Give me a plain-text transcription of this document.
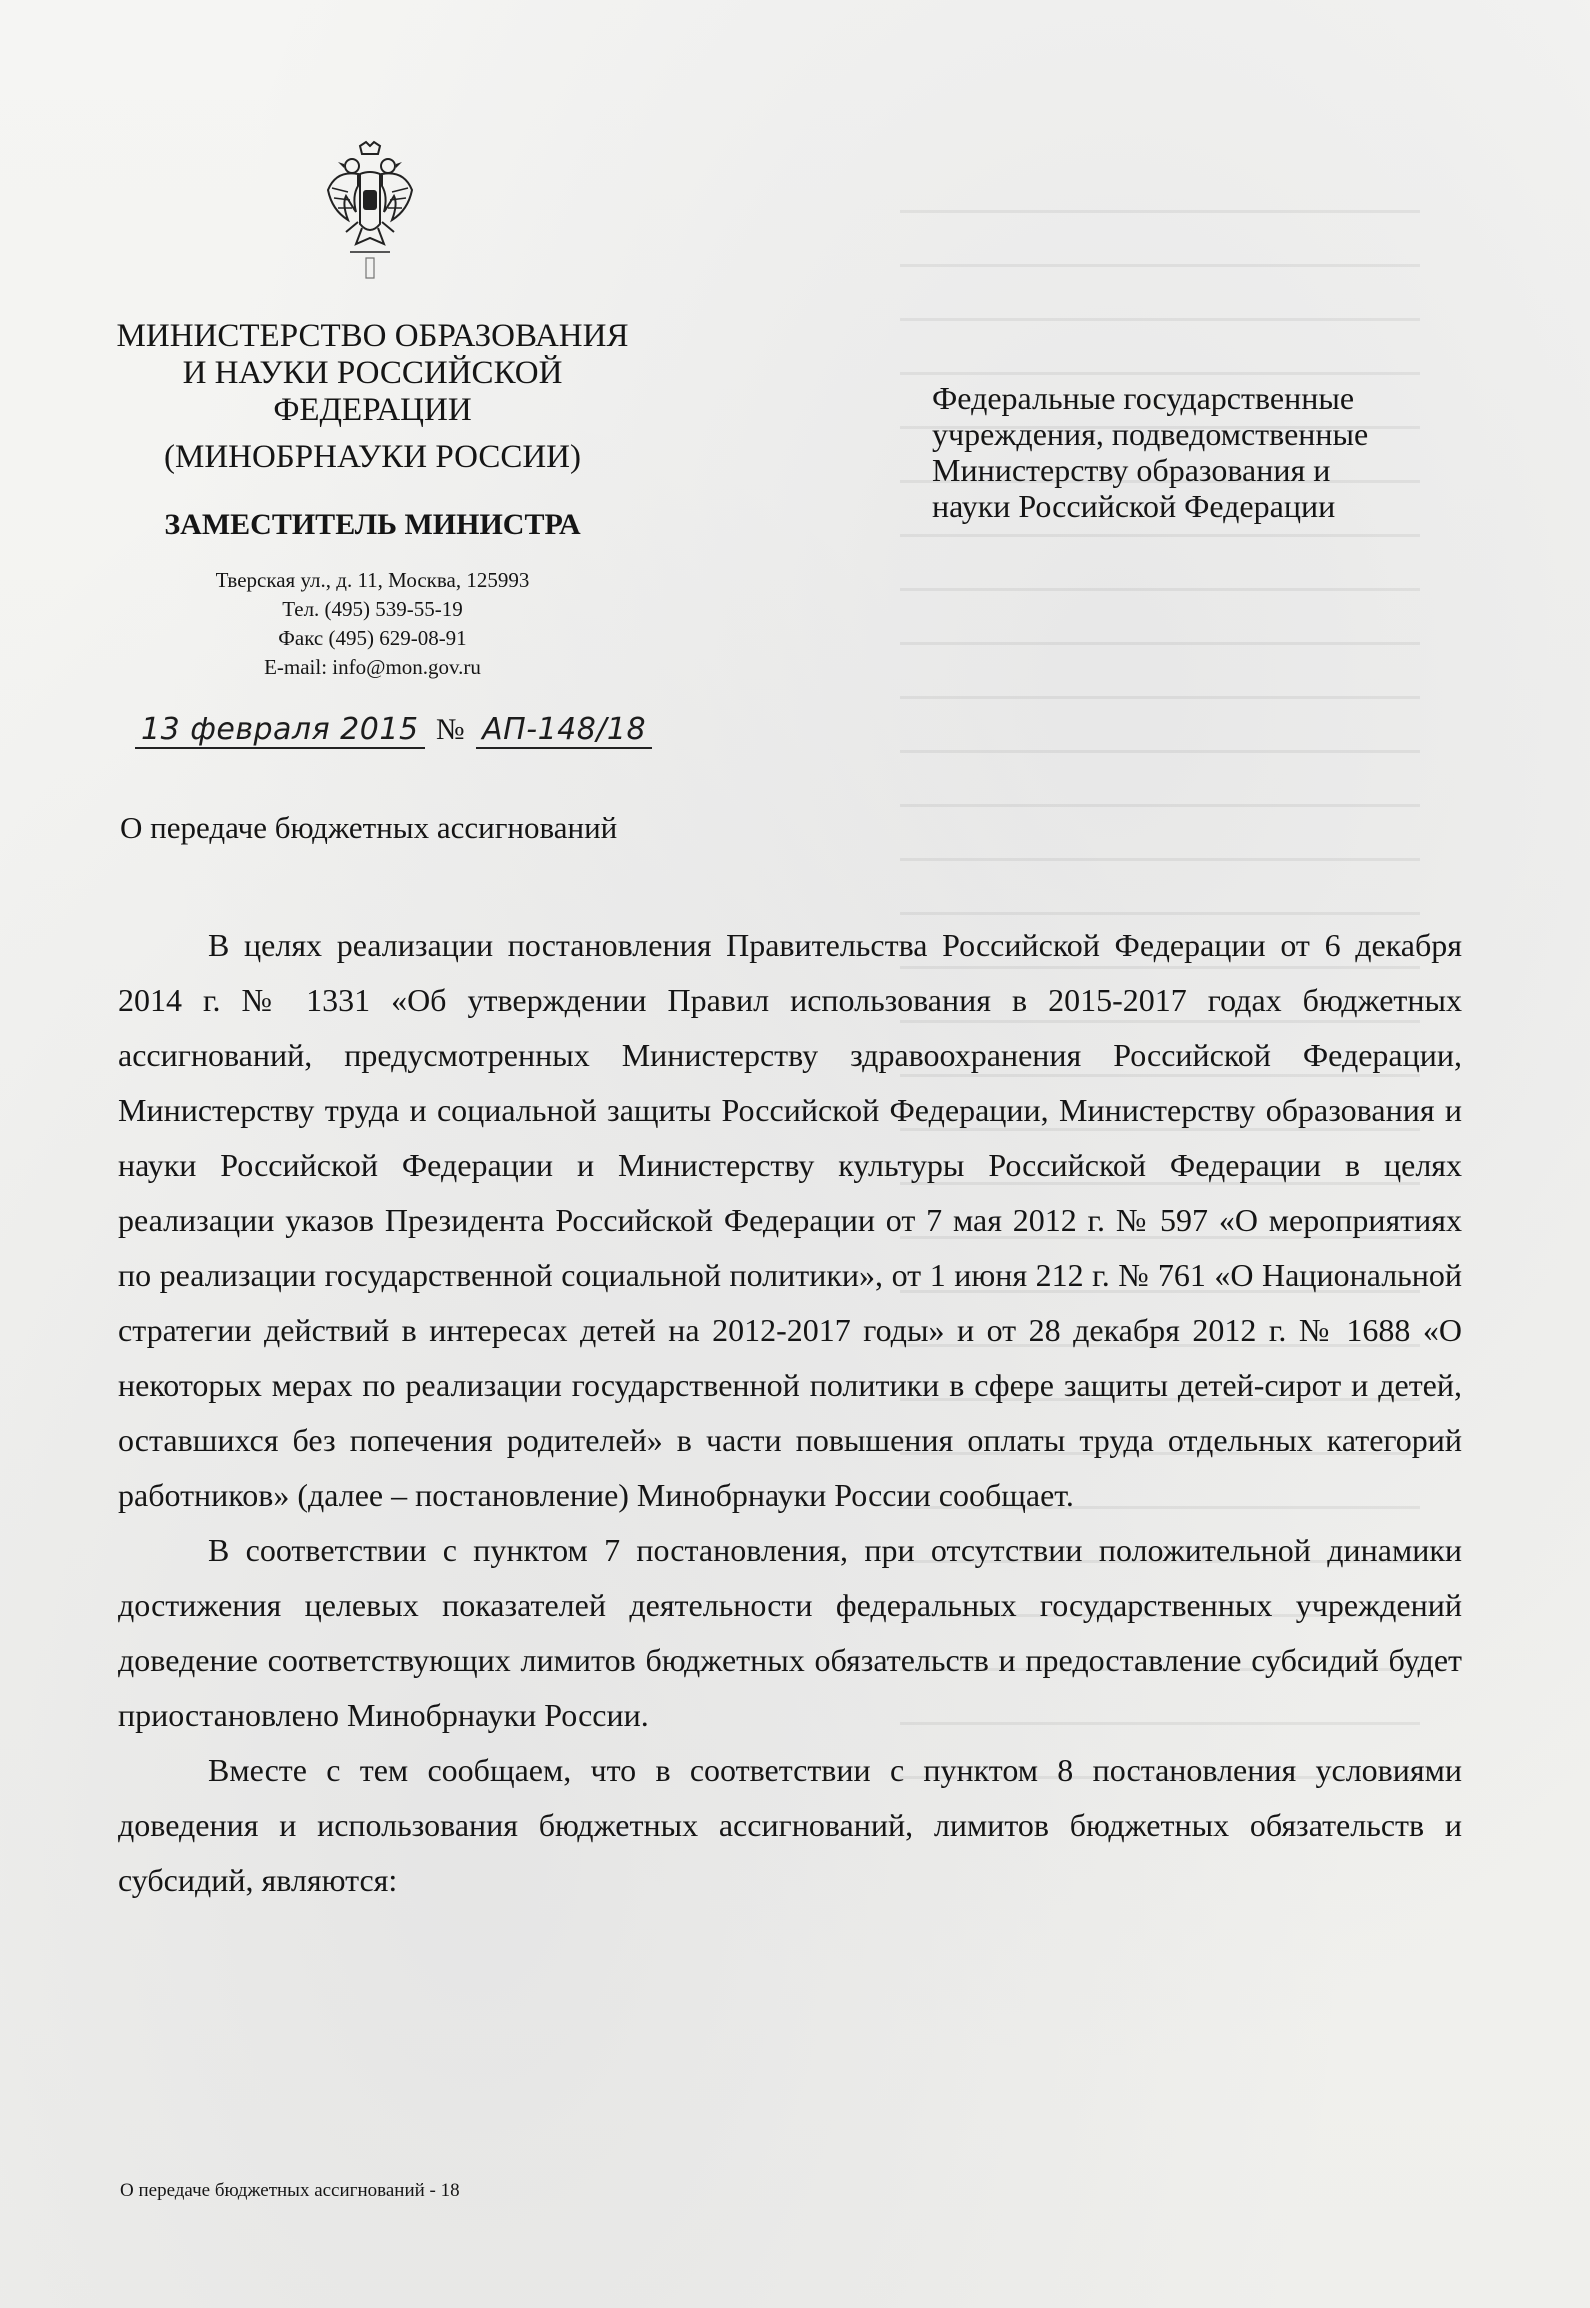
МИНИСТЕРСТВО ОБРАЗОВАНИЯ
И НАУКИ РОССИЙСКОЙ
ФЕДЕРАЦИИ
(МИНОБРНАУКИ РОССИИ)
ЗАМЕСТИТЕЛЬ МИНИСТРА
Тверская ул., д. 11, Москва, 125993
Тел. (495) 539-55-19
Факс (495) 629-08-91
E-mail: info@mon.gov.ru
13 февраля 2015 № АП-148/18
Федеральные государственные
учреждения, подведомственные
Министерству образования и
науки Российской Федерации
О передаче бюджетных ассигнований

В целях реализации постановления Правительства Российской Федерации от 6 декабря 2014 г. № 1331 «Об утверждении Правил использования в 2015-2017 годах бюджетных ассигнований, предусмотренных Министерству здравоохранения Российской Федерации, Министерству труда и социальной защиты Российской Федерации, Министерству образования и науки Российской Федерации и Министерству культуры Российской Федерации в целях реализации указов Президента Российской Федерации от 7 мая 2012 г. № 597 «О мероприятиях по реализации государственной социальной политики», от 1 июня 212 г. № 761 «О Национальной стратегии действий в интересах детей на 2012-2017 годы» и от 28 декабря 2012 г. № 1688 «О некоторых мерах по реализации государственной политики в сфере защиты детей-сирот и детей, оставшихся без попечения родителей» в части повышения оплаты труда отдельных категорий работников» (далее – постановление) Минобрнауки России сообщает.

В соответствии с пунктом 7 постановления, при отсутствии положительной динамики достижения целевых показателей деятельности федеральных государственных учреждений доведение соответствующих лимитов бюджетных обязательств и предоставление субсидий будет приостановлено Минобрнауки России.

Вместе с тем сообщаем, что в соответствии с пунктом 8 постановления условиями доведения и использования бюджетных ассигнований, лимитов бюджетных обязательств и субсидий, являются:

О передаче бюджетных ассигнований - 18
